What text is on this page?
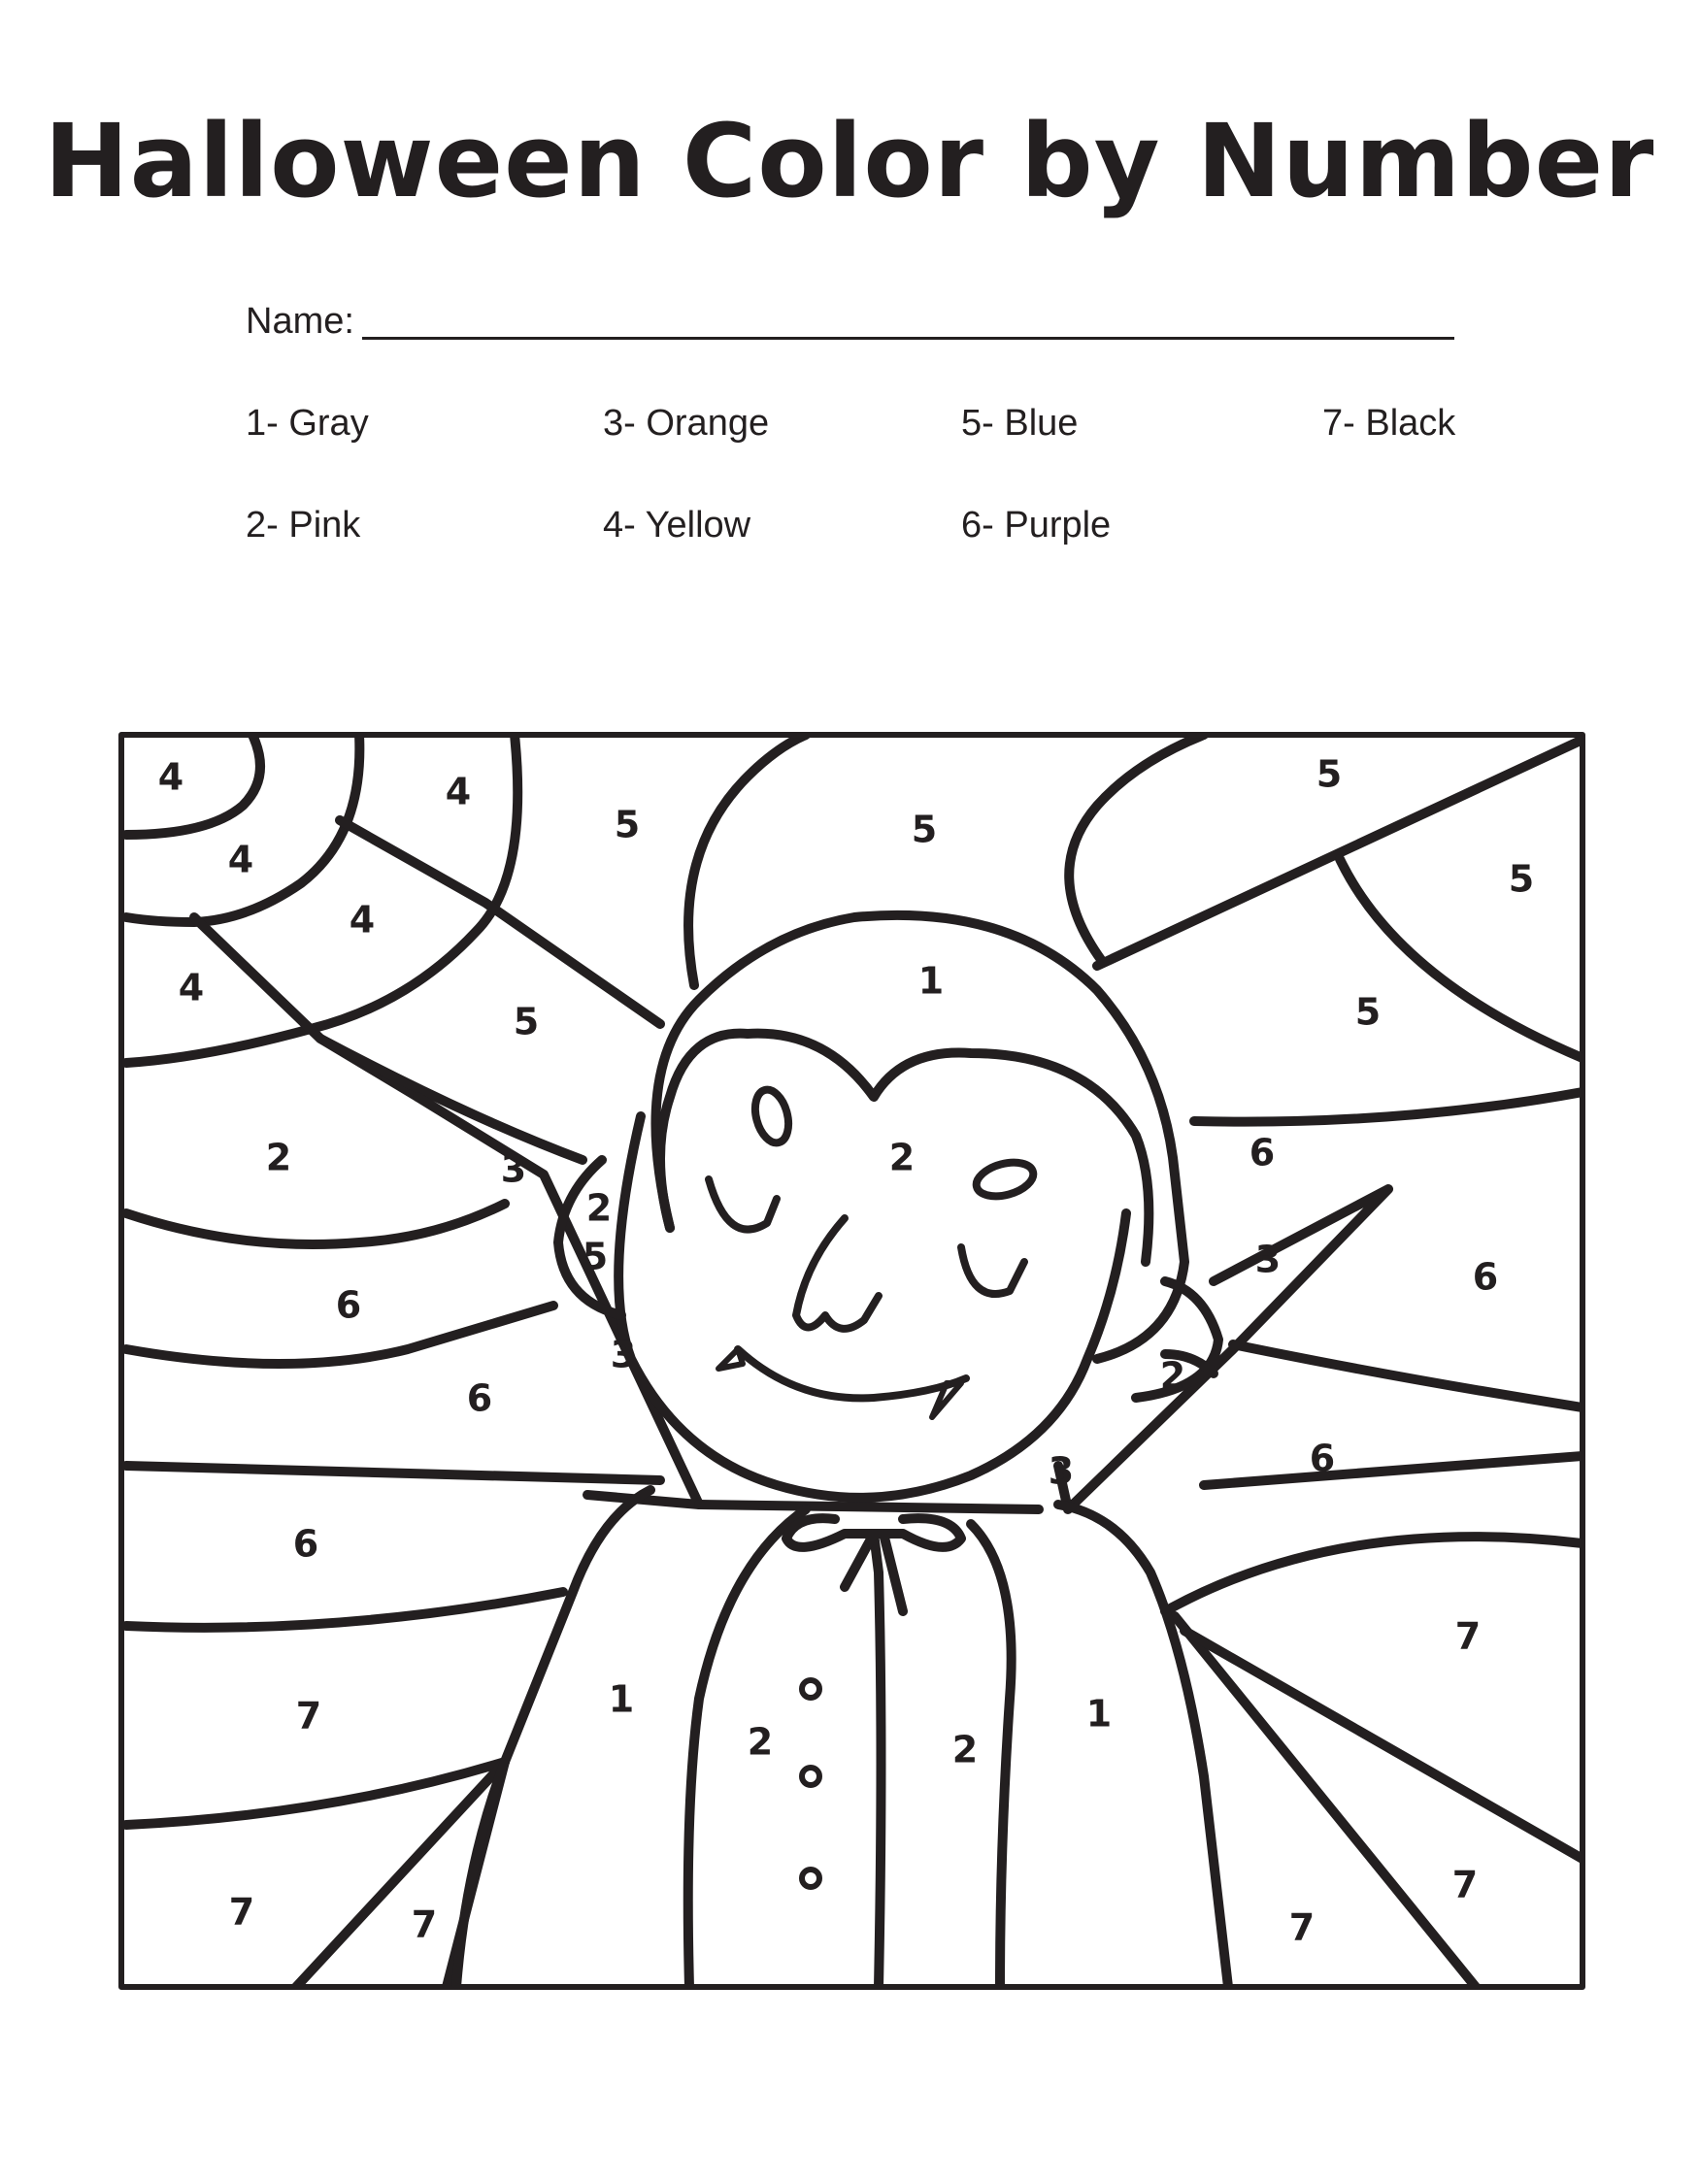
Halloween Color by Number
Name:
1- Gray
2- Pink
3- Orange
4- Yellow
5- Blue
6- Purple
7- Black
4	4
4
4
4
5	5
5
5
5
5
1
2
3
2	6
3	6
5
6
3
6
2
2
3	6
6
1
2	2
1
7
7
7	7	7
7
